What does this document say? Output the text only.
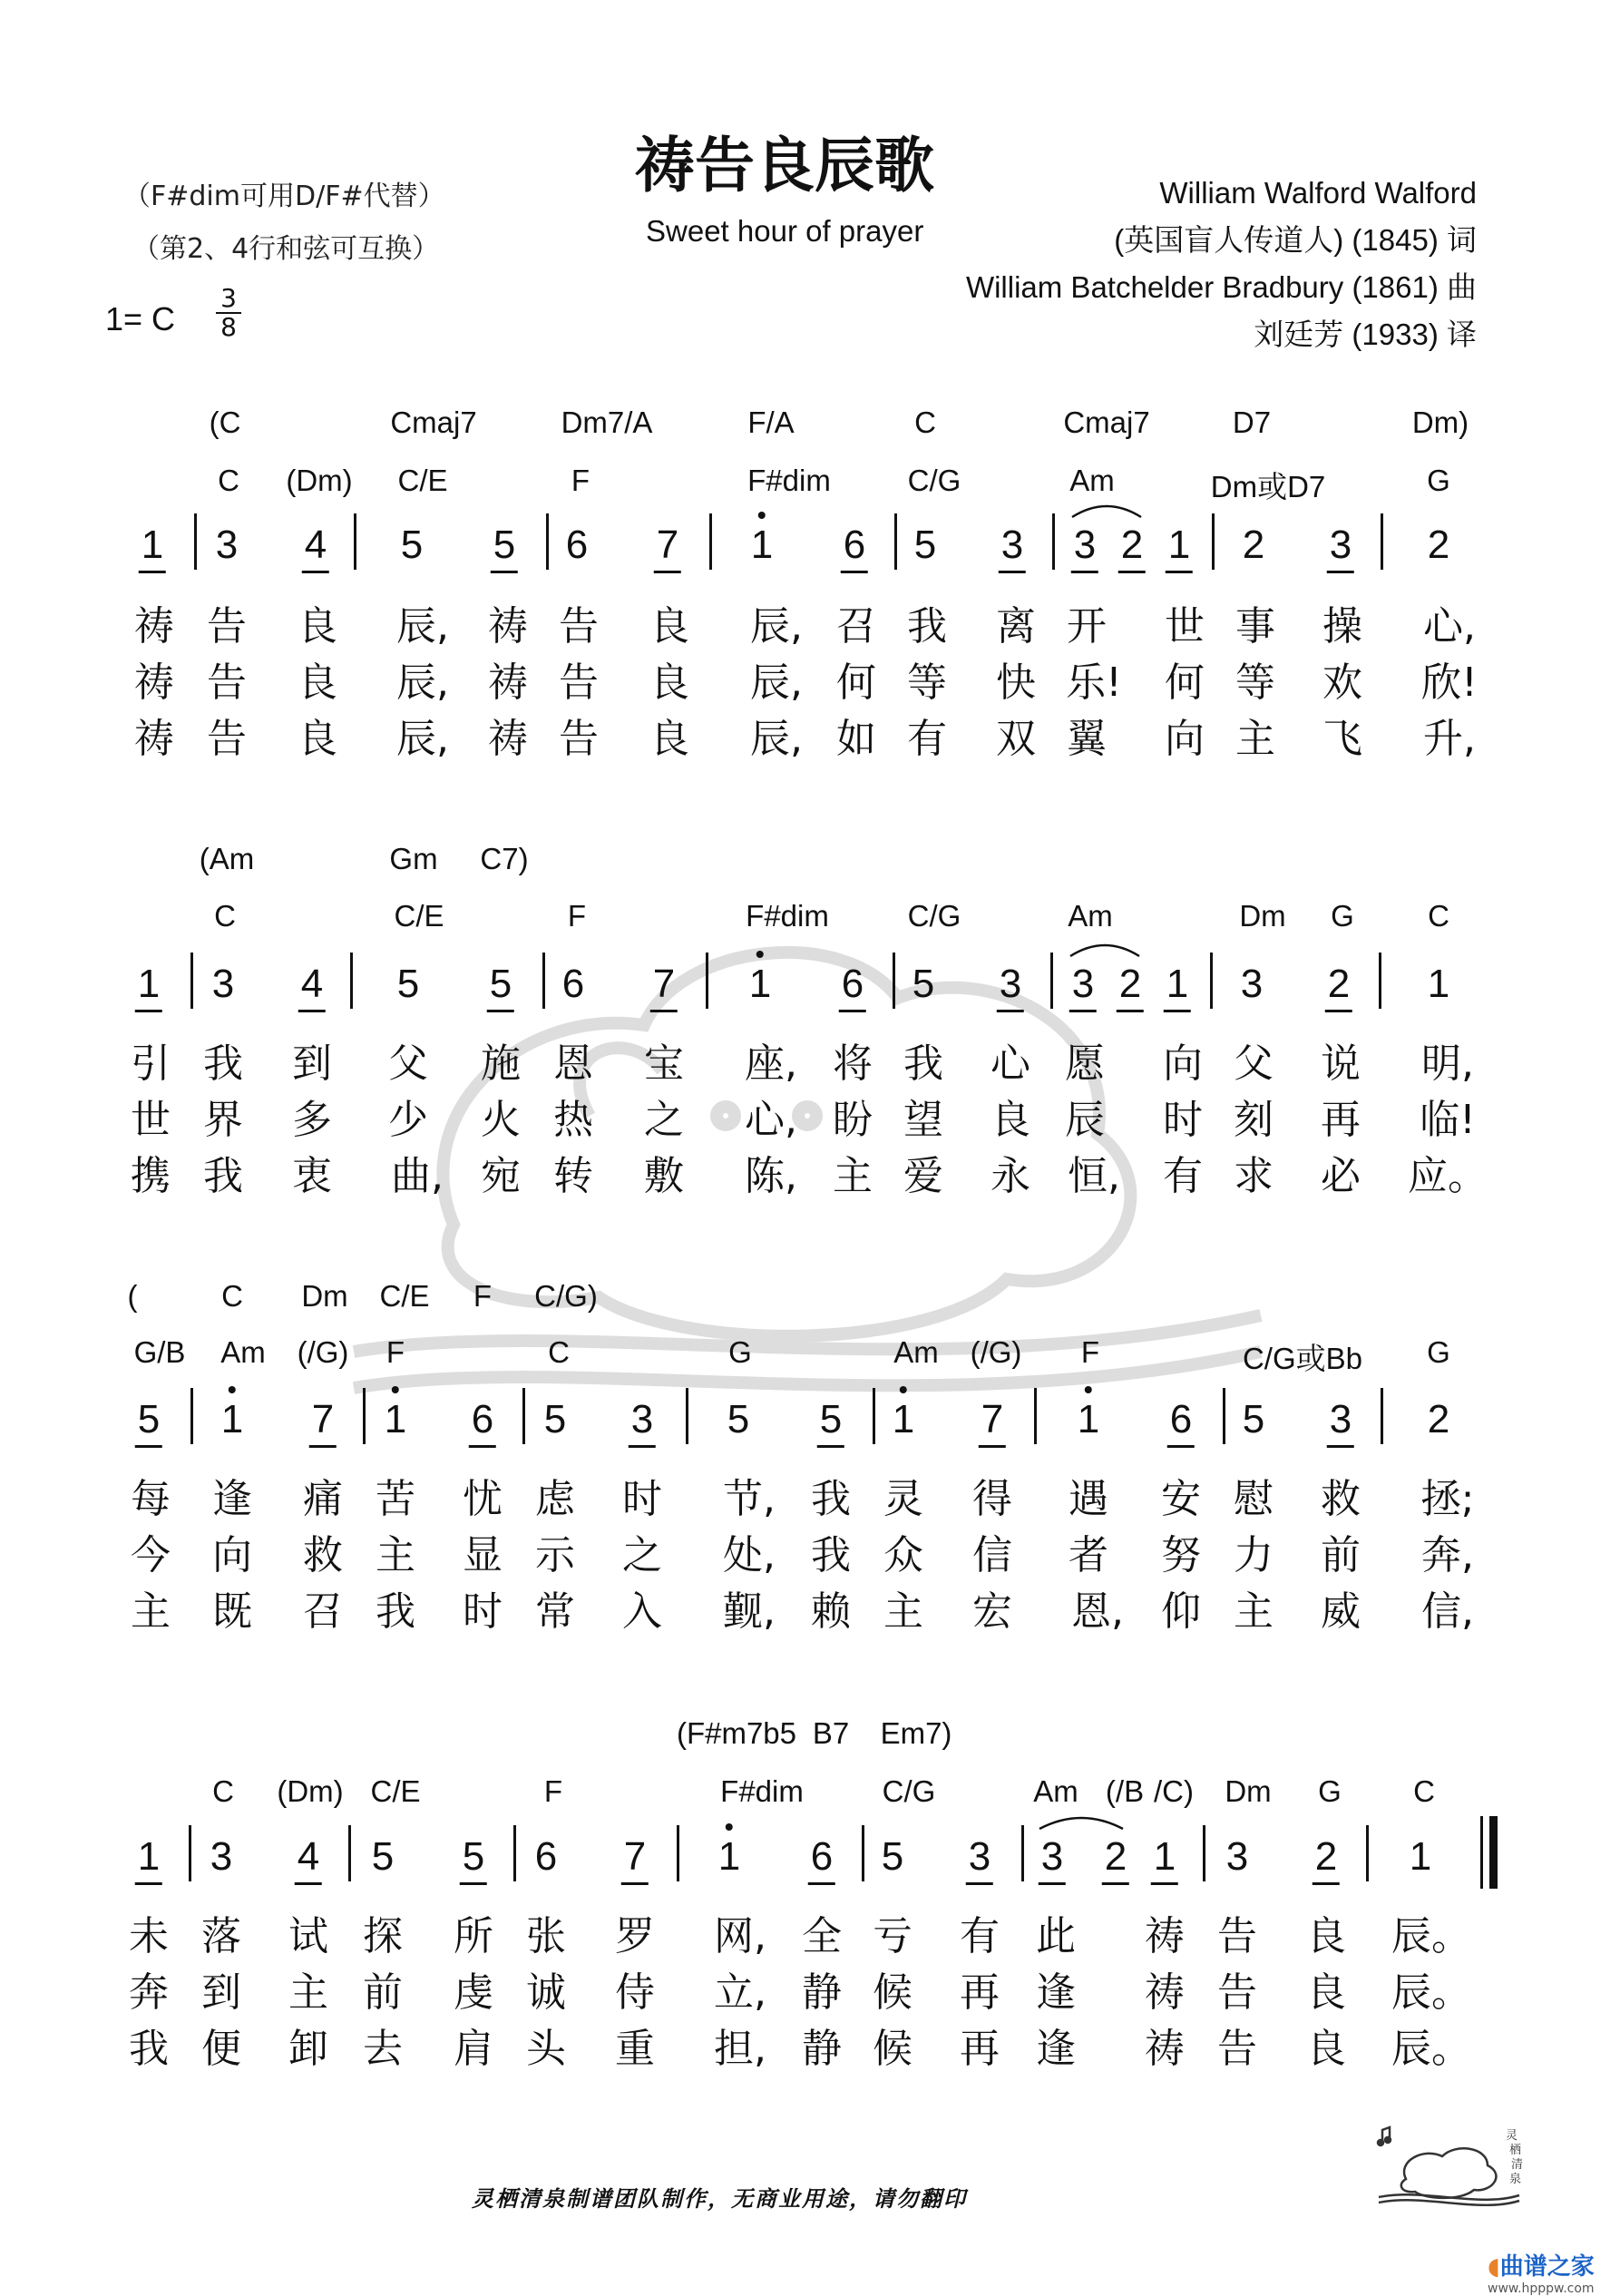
祷告良辰歌
Sweet hour of prayer
（F#dim可用D/F#代替）
（第2、4行和弦可互换）
1= C
3
8
William Walford Walford
(英国盲人传道人) (1845) 词
William Batchelder Bradbury (1861) 曲
刘廷芳 (1933) 译
(C	Cmaj7	Dm7/A	F/A	C	Cmaj7	D7	Dm)
C (Dm) C/E	F	F#dim	C/G	Am	Dm或D7	G
1 3 4 5 5 6 7 1 6 5 3 3 2 1 2 3 2
祷 告 良 辰, 祷 告 良 辰, 召 我 离 开 世 事 操 心,
祷 告 良 辰, 祷 告 良 辰, 何 等 快 乐! 何 等 欢 欣!
祷 告 良 辰, 祷 告 良 辰, 如 有 双 翼 向 主 飞 升,
(Am	Gm C7)
C	C/E	F	F#dim	C/G	Am	Dm G C
1 3 4 5 5 6 7 1 6 5 3 3 2 1 3 2 1
引 我 到 父 施 恩 宝 座, 将 我 心 愿 向 父 说 明,
世 界 多 少 火 热 之 心, 盼 望 良 辰 时 刻 再 临!
携 我 衷 曲, 宛 转 敷 陈, 主 爱 永 恒, 有 求 必 应。
(	C Dm C/E F C/G)
G/B Am (/G) F	C	G	Am (/G) F	C/G或Bb G
5 1 7 1 6 5 3 5 5 1 7 1 6 5 3 2
每 逢 痛 苦 忧 虑 时 节, 我 灵 得 遇 安 慰 救 拯;
今 向 救 主 显 示 之 处, 我 众 信 者 努 力 前 奔,
主 既 召 我 时 常 入 觐, 赖 主 宏 恩, 仰 主 威 信,
(F#m7b5 B7 Em7)
C (Dm) C/E	F	F#dim	C/G	Am (/B /C) Dm G C
1 3 4 5 5 6 7 1 6 5 3 3 2 1 3 2 1
未 落 试 探 所 张 罗 网, 全 亏 有 此 祷 告 良 辰。
奔 到 主 前 虔 诚 侍 立, 静 候 再 逢 祷 告 良 辰。
我 便 卸 去 肩 头 重 担, 静 候 再 逢 祷 告 良 辰。
灵栖清泉制谱团队制作，无商业用途，请勿翻印
灵
栖
清
泉
◖曲谱之家
www.hpppw.com
